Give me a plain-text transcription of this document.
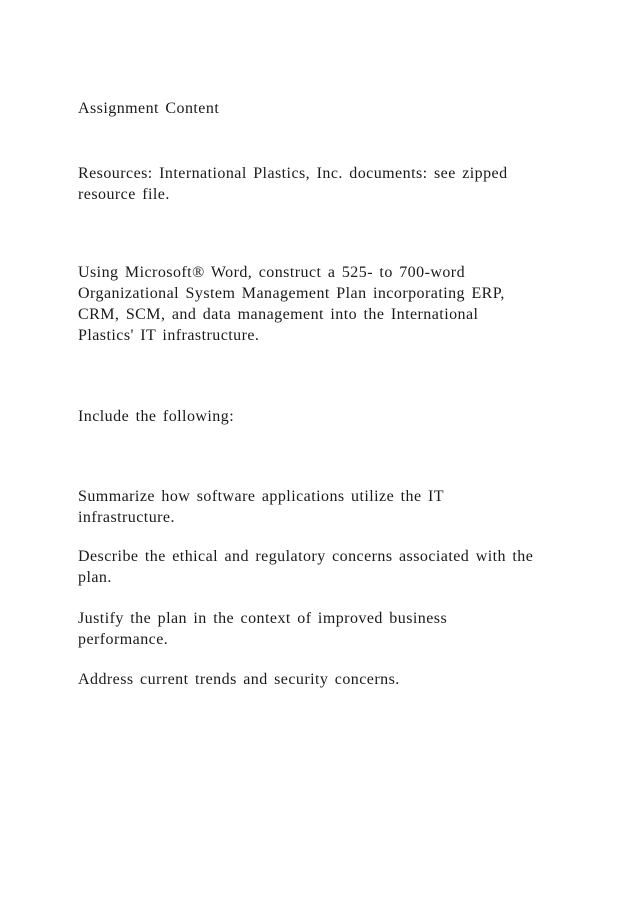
Assignment Content

Resources: International Plastics, Inc. documents: see zipped
resource file.

Using Microsoft® Word, construct a 525- to 700-word
Organizational System Management Plan incorporating ERP,
CRM, SCM, and data management into the International
Plastics' IT infrastructure.

Include the following:

Summarize how software applications utilize the IT
infrastructure.

Describe the ethical and regulatory concerns associated with the
plan.

Justify the plan in the context of improved business
performance.

Address current trends and security concerns.
